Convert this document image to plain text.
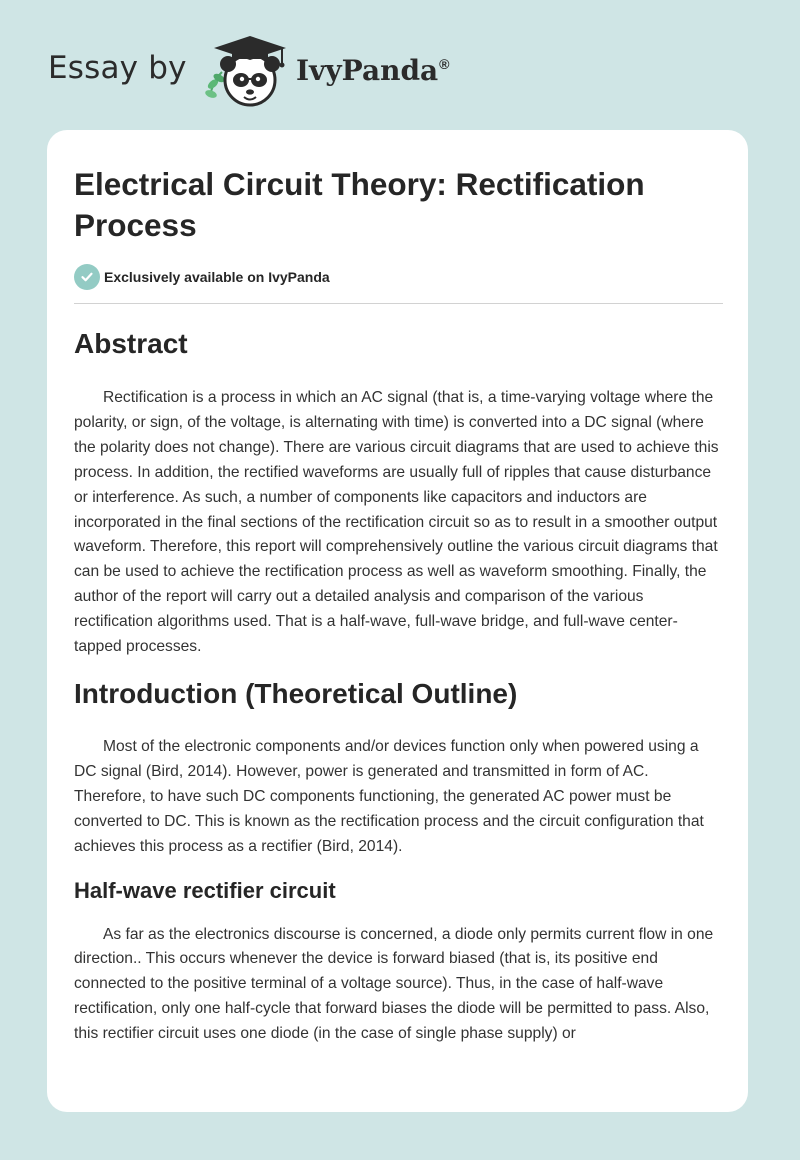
Essay by	IvyPanda®
Electrical Circuit Theory: Rectification Process
Exclusively available on IvyPanda
Abstract

Rectification is a process in which an AC signal (that is, a time-varying voltage where the polarity, or sign, of the voltage, is alternating with time) is converted into a DC signal (where the polarity does not change). There are various circuit diagrams that are used to achieve this process. In addition, the rectified waveforms are usually full of ripples that cause disturbance or interference. As such, a number of components like capacitors and inductors are incorporated in the final sections of the rectification circuit so as to result in a smoother output waveform. Therefore, this report will comprehensively outline the various circuit diagrams that can be used to achieve the rectification process as well as waveform smoothing. Finally, the author of the report will carry out a detailed analysis and comparison of the various rectification algorithms used. That is a half-wave, full-wave bridge, and full-wave center-tapped processes.

Introduction (Theoretical Outline)

Most of the electronic components and/or devices function only when powered using a DC signal (Bird, 2014). However, power is generated and transmitted in form of AC. Therefore, to have such DC components functioning, the generated AC power must be converted to DC. This is known as the rectification process and the circuit configuration that achieves this process as a rectifier (Bird, 2014).

Half-wave rectifier circuit

As far as the electronics discourse is concerned, a diode only permits current flow in one direction.. This occurs whenever the device is forward biased (that is, its positive end connected to the positive terminal of a voltage source). Thus, in the case of half-wave rectification, only one half-cycle that forward biases the diode will be permitted to pass. Also, this rectifier circuit uses one diode (in the case of single phase supply) or
